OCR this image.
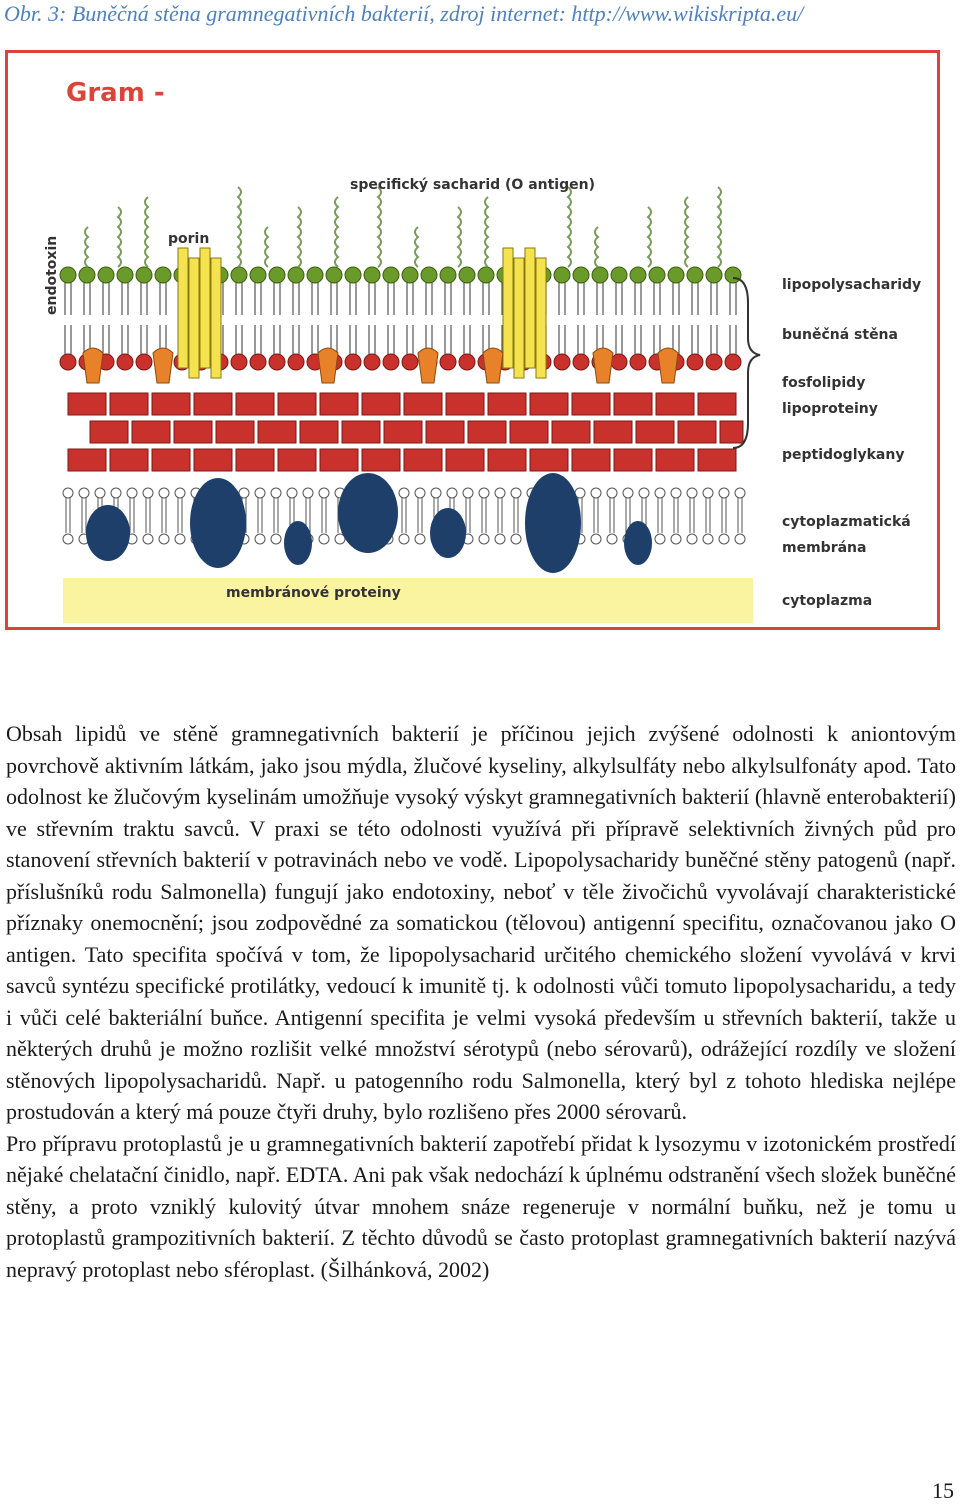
Obr. 3: Buněčná stěna gramnegativních bakterií, zdroj internet: http://www.wikiskripta.eu/
Gram -
specifický sacharid (O antigen)
porin
endotoxin	lipopolysacharidy
buněčná stěna
fosfolipidy
lipoproteiny
peptidoglykany
cytoplazmatická
membrána
membránové proteiny	cytoplazma

Obsah lipidů ve stěně gramnegativních bakterií je příčinou jejich zvýšené odolnosti k aniontovým povrchově aktivním látkám, jako jsou mýdla, žlučové kyseliny, alkylsulfáty nebo alkylsulfonáty apod. Tato odolnost ke žlučovým kyselinám umožňuje vysoký výskyt gramnegativních bakterií (hlavně enterobakterií) ve střevním traktu savců. V praxi se této odolnosti využívá při přípravě selektivních živných půd pro stanovení střevních bakterií v potravinách nebo ve vodě. Lipopolysacharidy buněčné stěny patogenů (např. příslušníků rodu Salmonella) fungují jako endotoxiny, neboť v těle živočichů vyvolávají charakteristické příznaky onemocnění; jsou zodpovědné za somatickou (tělovou) antigenní specifitu, označovanou jako O antigen. Tato specifita spočívá v tom, že lipopolysacharid určitého chemického složení vyvolává v krvi savců syntézu specifické protilátky, vedoucí k imunitě tj. k odolnosti vůči tomuto lipopolysacharidu, a tedy i vůči celé bakteriální buňce. Antigenní specifita je velmi vysoká především u střevních bakterií, takže u některých druhů je možno rozlišit velké množství sérotypů (nebo sérovarů), odrážející rozdíly ve složení stěnových lipopolysacharidů. Např. u patogenního rodu Salmonella, který byl z tohoto hlediska nejlépe prostudován a který má pouze čtyři druhy, bylo rozlišeno přes 2000 sérovarů.

Pro přípravu protoplastů je u gramnegativních bakterií zapotřebí přidat k lysozymu v izotonickém prostředí nějaké chelatační činidlo, např. EDTA. Ani pak však nedochází k úplnému odstranění všech složek buněčné stěny, a proto vzniklý kulovitý útvar mnohem snáze regeneruje v normální buňku, než je tomu u protoplastů grampozitivních bakterií. Z těchto důvodů se často protoplast gramnegativních bakterií nazývá nepravý protoplast nebo sféroplast. (Šilhánková, 2002)

15
